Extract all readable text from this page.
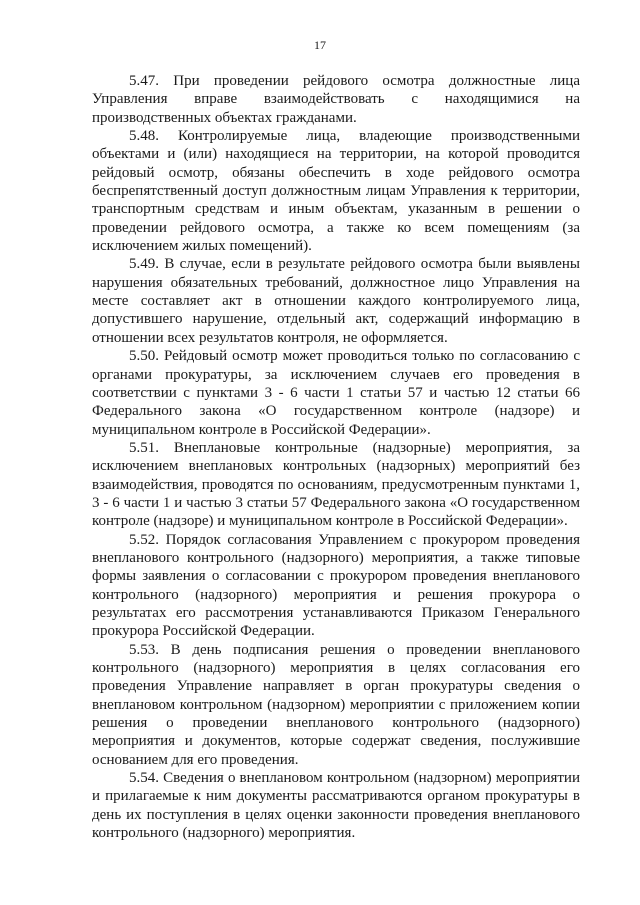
17

5.47. При проведении рейдового осмотра должностные лица Управления вправе взаимодействовать с находящимися на производственных объектах гражданами.

5.48. Контролируемые лица, владеющие производственными объектами и (или) находящиеся на территории, на которой проводится рейдовый осмотр, обязаны обеспечить в ходе рейдового осмотра беспрепятственный доступ должностным лицам Управления к территории, транспортным средствам и иным объектам, указанным в решении о проведении рейдового осмотра, а также ко всем помещениям (за исключением жилых помещений).

5.49. В случае, если в результате рейдового осмотра были выявлены нарушения обязательных требований, должностное лицо Управления на месте составляет акт в отношении каждого контролируемого лица, допустившего нарушение, отдельный акт, содержащий информацию в отношении всех результатов контроля, не оформляется.

5.50. Рейдовый осмотр может проводиться только по согласованию с органами прокуратуры, за исключением случаев его проведения в соответствии с пунктами 3 - 6 части 1 статьи 57 и частью 12 статьи 66 Федерального закона «О государственном контроле (надзоре) и муниципальном контроле в Российской Федерации».

5.51. Внеплановые контрольные (надзорные) мероприятия, за исключением внеплановых контрольных (надзорных) мероприятий без взаимодействия, проводятся по основаниям, предусмотренным пунктами 1, 3 - 6 части 1 и частью 3 статьи 57 Федерального закона «О государственном контроле (надзоре) и муниципальном контроле в Российской Федерации».

5.52. Порядок согласования Управлением с прокурором проведения внепланового контрольного (надзорного) мероприятия, а также типовые формы заявления о согласовании с прокурором проведения внепланового контрольного (надзорного) мероприятия и решения прокурора о результатах его рассмотрения устанавливаются Приказом Генерального прокурора Российской Федерации.

5.53. В день подписания решения о проведении внепланового контрольного (надзорного) мероприятия в целях согласования его проведения Управление направляет в орган прокуратуры сведения о внеплановом контрольном (надзорном) мероприятии с приложением копии решения о проведении внепланового контрольного (надзорного) мероприятия и документов, которые содержат сведения, послужившие основанием для его проведения.

5.54. Сведения о внеплановом контрольном (надзорном) мероприятии и прилагаемые к ним документы рассматриваются органом прокуратуры в день их поступления в целях оценки законности проведения внепланового контрольного (надзорного) мероприятия.
